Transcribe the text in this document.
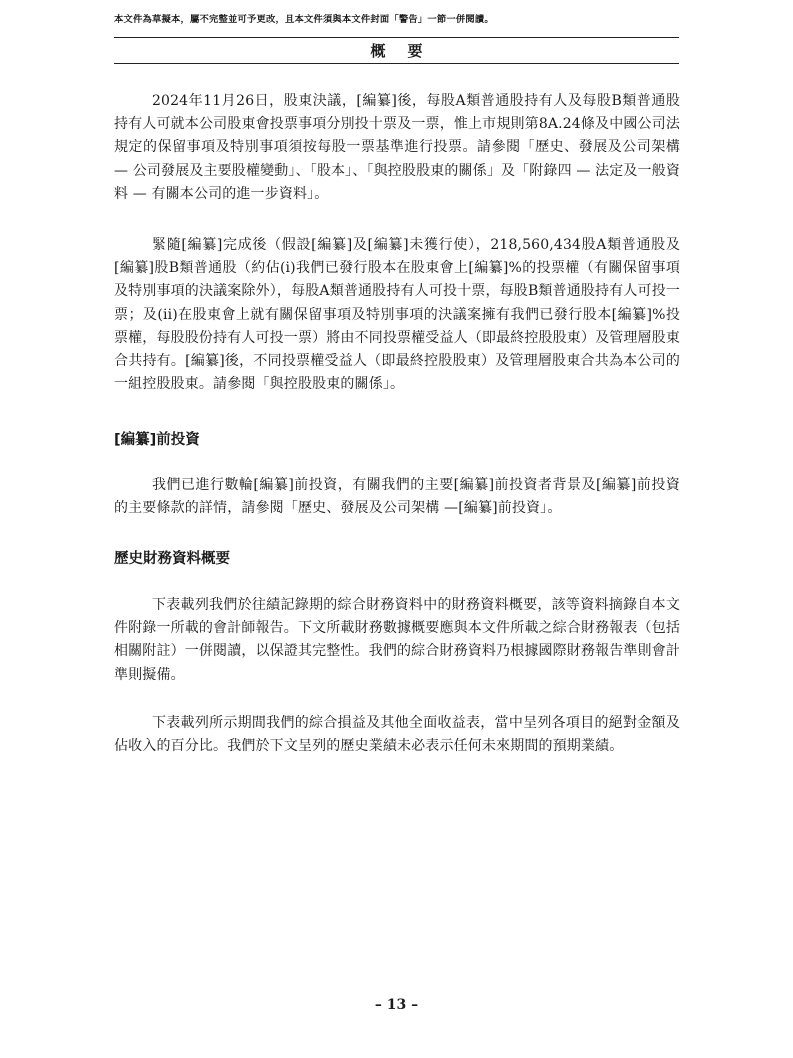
本文件為草擬本，屬不完整並可予更改，且本文件須與本文件封面「警告」一節一併閱讀。
概要

2024年11月26日，股東決議，[編纂]後，每股A類普通股持有人及每股B類普通股持有人可就本公司股東會投票事項分別投十票及一票，惟上市規則第8A.24條及中國公司法規定的保留事項及特別事項須按每股一票基準進行投票。請參閱「歷史、發展及公司架構 — 公司發展及主要股權變動」、「股本」、「與控股股東的關係」及「附錄四 — 法定及一般資料 — 有關本公司的進一步資料」。

緊隨[編纂]完成後（假設[編纂]及[編纂]未獲行使），218,560,434股A類普通股及[編纂]股B類普通股（約佔(i)我們已發行股本在股東會上[編纂]%的投票權（有關保留事項及特別事項的決議案除外），每股A類普通股持有人可投十票，每股B類普通股持有人可投一票；及(ii)在股東會上就有關保留事項及特別事項的決議案擁有我們已發行股本[編纂]%投票權，每股股份持有人可投一票）將由不同投票權受益人（即最終控股股東）及管理層股東合共持有。[編纂]後，不同投票權受益人（即最終控股股東）及管理層股東合共為本公司的一組控股股東。請參閱「與控股股東的關係」。

[編纂]前投資

我們已進行數輪[編纂]前投資，有關我們的主要[編纂]前投資者背景及[編纂]前投資的主要條款的詳情，請參閱「歷史、發展及公司架構 —[編纂]前投資」。

歷史財務資料概要

下表載列我們於往績記錄期的綜合財務資料中的財務資料概要，該等資料摘錄自本文件附錄一所載的會計師報告。下文所載財務數據概要應與本文件所載之綜合財務報表（包括相關附註）一併閱讀，以保證其完整性。我們的綜合財務資料乃根據國際財務報告準則會計準則擬備。

下表載列所示期間我們的綜合損益及其他全面收益表，當中呈列各項目的絕對金額及佔收入的百分比。我們於下文呈列的歷史業績未必表示任何未來期間的預期業績。

– 13 –
